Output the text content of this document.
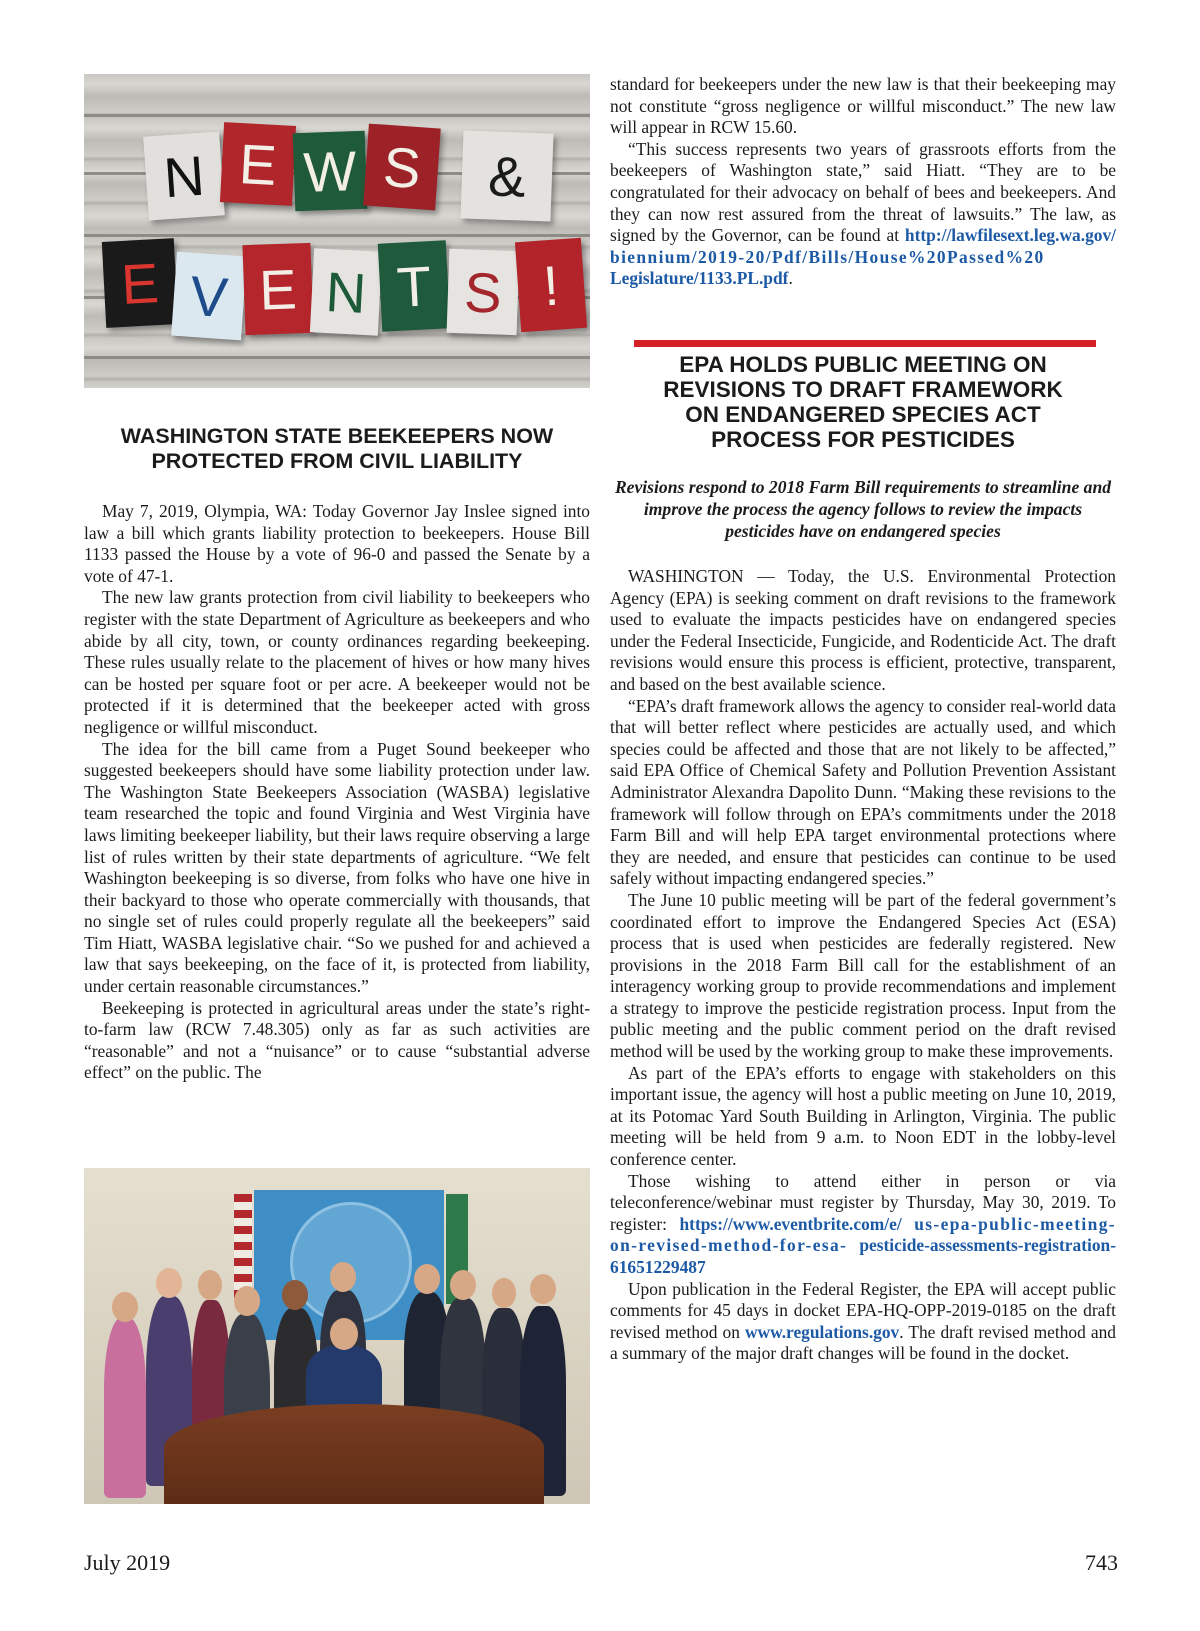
N E W S	&
E V E N T S !
WASHINGTON STATE BEEKEEPERS NOW PROTECTED FROM CIVIL LIABILITY

May 7, 2019, Olympia, WA: Today Governor Jay Inslee signed into law a bill which grants liability protection to beekeepers. House Bill 1133 passed the House by a vote of 96-0 and passed the Senate by a vote of 47-1.

The new law grants protection from civil liability to beekeepers who register with the state Department of Agriculture as beekeepers and who abide by all city, town, or county ordinances regarding beekeeping. These rules usually relate to the placement of hives or how many hives can be hosted per square foot or per acre. A beekeeper would not be protected if it is determined that the beekeeper acted with gross negligence or willful misconduct.

The idea for the bill came from a Puget Sound beekeeper who suggested beekeepers should have some liability protection under law. The Washington State Beekeepers Association (WASBA) legislative team researched the topic and found Virginia and West Virginia have laws limiting beekeeper liability, but their laws require observing a large list of rules written by their state departments of agriculture. “We felt Washington beekeeping is so diverse, from folks who have one hive in their backyard to those who operate commercially with thousands, that no single set of rules could properly regulate all the beekeepers” said Tim Hiatt, WASBA legislative chair. “So we pushed for and achieved a law that says beekeeping, on the face of it, is protected from liability, under certain reasonable circumstances.”

Beekeeping is protected in agricultural areas under the state’s right-to-farm law (RCW 7.48.305) only as far as such activities are “reasonable” and not a “nuisance” or to cause “substantial adverse effect” on the public. The

standard for beekeepers under the new law is that their beekeeping may not constitute “gross negligence or willful misconduct.” The new law will appear in RCW 15.60.

“This success represents two years of grassroots efforts from the beekeepers of Washington state,” said Hiatt. “They are to be congratulated for their advocacy on behalf of bees and beekeepers. And they can now rest assured from the threat of lawsuits.” The law, as signed by the Governor, can be found at http://lawfilesext.leg.wa.gov/ biennium/2019-20/Pdf/Bills/House%20Passed%20 Legislature/1133.PL.pdf.

EPA HOLDS PUBLIC MEETING ON
REVISIONS TO DRAFT FRAMEWORK
ON ENDANGERED SPECIES ACT
PROCESS FOR PESTICIDES
Revisions respond to 2018 Farm Bill requirements to streamline and improve the process the agency follows to review the impacts pesticides have on endangered species

WASHINGTON — Today, the U.S. Environmental Protection Agency (EPA) is seeking comment on draft revisions to the framework used to evaluate the impacts pesticides have on endangered species under the Federal Insecticide, Fungicide, and Rodenticide Act. The draft revisions would ensure this process is efficient, protective, transparent, and based on the best available science.

“EPA’s draft framework allows the agency to consider real-world data that will better reflect where pesticides are actually used, and which species could be affected and those that are not likely to be affected,” said EPA Office of Chemical Safety and Pollution Prevention Assistant Administrator Alexandra Dapolito Dunn. “Making these revisions to the framework will follow through on EPA’s commitments under the 2018 Farm Bill and will help EPA target environmental protections where they are needed, and ensure that pesticides can continue to be used safely without impacting endangered species.”

The June 10 public meeting will be part of the federal government’s coordinated effort to improve the Endangered Species Act (ESA) process that is used when pesticides are federally registered. New provisions in the 2018 Farm Bill call for the establishment of an interagency working group to provide recommendations and implement a strategy to improve the pesticide registration process. Input from the public meeting and the public comment period on the draft revised method will be used by the working group to make these improvements.

As part of the EPA’s efforts to engage with stakeholders on this important issue, the agency will host a public meeting on June 10, 2019, at its Potomac Yard South Building in Arlington, Virginia. The public meeting will be held from 9 a.m. to Noon EDT in the lobby-level conference center.

Those wishing to attend either in person or via teleconference/webinar must register by Thursday, May 30, 2019. To register: https://www.eventbrite.com/e/ us-epa-public-meeting-on-revised-method-for-esa- pesticide-assessments-registration-61651229487

Upon publication in the Federal Register, the EPA will accept public comments for 45 days in docket EPA-HQ-OPP-2019-0185 on the draft revised method on www.regulations.gov. The draft revised method and a summary of the major draft changes will be found in the docket.

July 2019	743
